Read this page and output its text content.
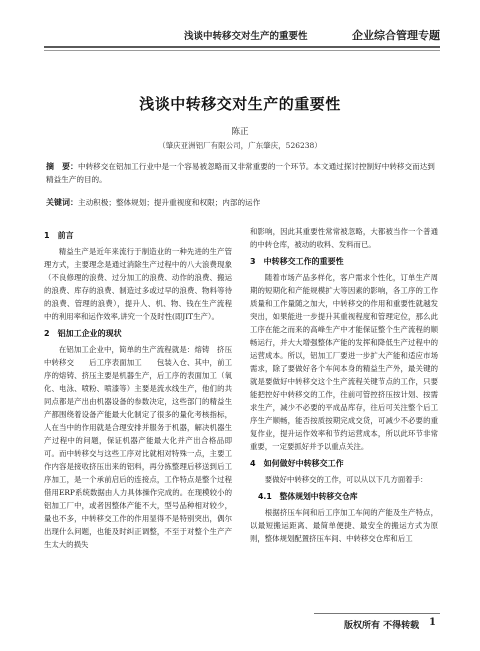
浅谈中转移交对生产的重要性	企业综合管理专题
浅谈中转移交对生产的重要性
陈正
（肇庆亚洲铝厂有限公司，广东肇庆，526238）
摘　要：中转移交在铝加工行业中是一个容易被忽略而又非常重要的一个环节。本文通过探讨控制好中转移交而达到精益生产的目的。
关键词：主动积极；整体规划；提升重视度和权限；内部的运作
1　前言
精益生产是近年来流行于制造业的一种先进的生产管理方式，主要理念是通过消除生产过程中的八大浪费现象（不良修理的浪费、过分加工的浪费、动作的浪费、搬运的浪费、库存的浪费、制造过多或过早的浪费、物料等待的浪费、管理的浪费），提升人、机、物、钱在生产流程中的利用率和运作效率,讲究一个及时性(即JIT生产）。
2　铝加工企业的现状
在铝加工企业中，简单的生产流程就是：熔铸　挤压　　中转移交　　后工序表面加工　　包装入仓、其中，前工序的熔铸、挤压主要是机器生产，后工序的表面加工（氧化、电泳、喷粉、喷漆等）主要是流水线生产，他们的共同点都是产出由机器设备的参数决定，这些部门的精益生产都围绕着设备产能最大化制定了很多的量化考核指标，人在当中的作用就是合理安排并服务于机器，解决机器生产过程中的问题，保证机器产能最大化并产出合格品即可。而中转移交与这些工序对比就相对特殊一点，主要工作内容是接收挤压出来的铝料，再分拣整理后移送到后工序加工，是一个承前启后的连接点，工作特点是整个过程借用ERP系统数据由人力具体操作完成的。在现模较小的铝加工厂中，或者因整体产能不大，型号品种相对较少，量也不多，中转移交工作的作用显得不是特别突出，偶尔出现什么问题，也能及时纠正调整，不至于对整个生产产生太大的损失
和影响，因此其重要性常常被忽略，大都被当作一个普通的中转仓库，被动的收料、发料而已。
3　中转移交工作的重要性
随着市场产品多样化，客户需求个性化，订单生产周期的短期化和产能规模扩大等因素的影响，各工序的工作质量和工作量随之加大，中转移交的作用和重要性就越发突出，如果能进一步提升其重视程度和管理定位，那么此工序在能之而来的高峰生产中才能保证整个生产流程的顺畅运行，并大大增强整体产能的发挥和降低生产过程中的运营成本。所以，铝加工厂要进一步扩大产能和适应市场需求，除了要做好各个车间本身的精益生产外，最关键的就是要做好中转移交这个生产流程关键节点的工作，只要能把控好中转移交的工作，往前可管控挤压按计划、按需求生产，减少不必要的平成品库存，往后可关注整个后工序生产顺畅，能否按质按期完成交货，可减少不必要的重复作业，提升运作效率和节约运营成本，所以此环节非常重要，一定要抓好并予以重点关注。
4　如何做好中转移交工作
要做好中转移交的工作，可以从以下几方面着手：
4.1　整体规划中转移交仓库
根据挤压车间和后工序加工车间的产能及生产特点，以最短搬运距离、最简单便捷、最安全的搬运方式为原则，整体规划配置挤压车间、中转移交仓库和后工
版权所有 不得转载 1
